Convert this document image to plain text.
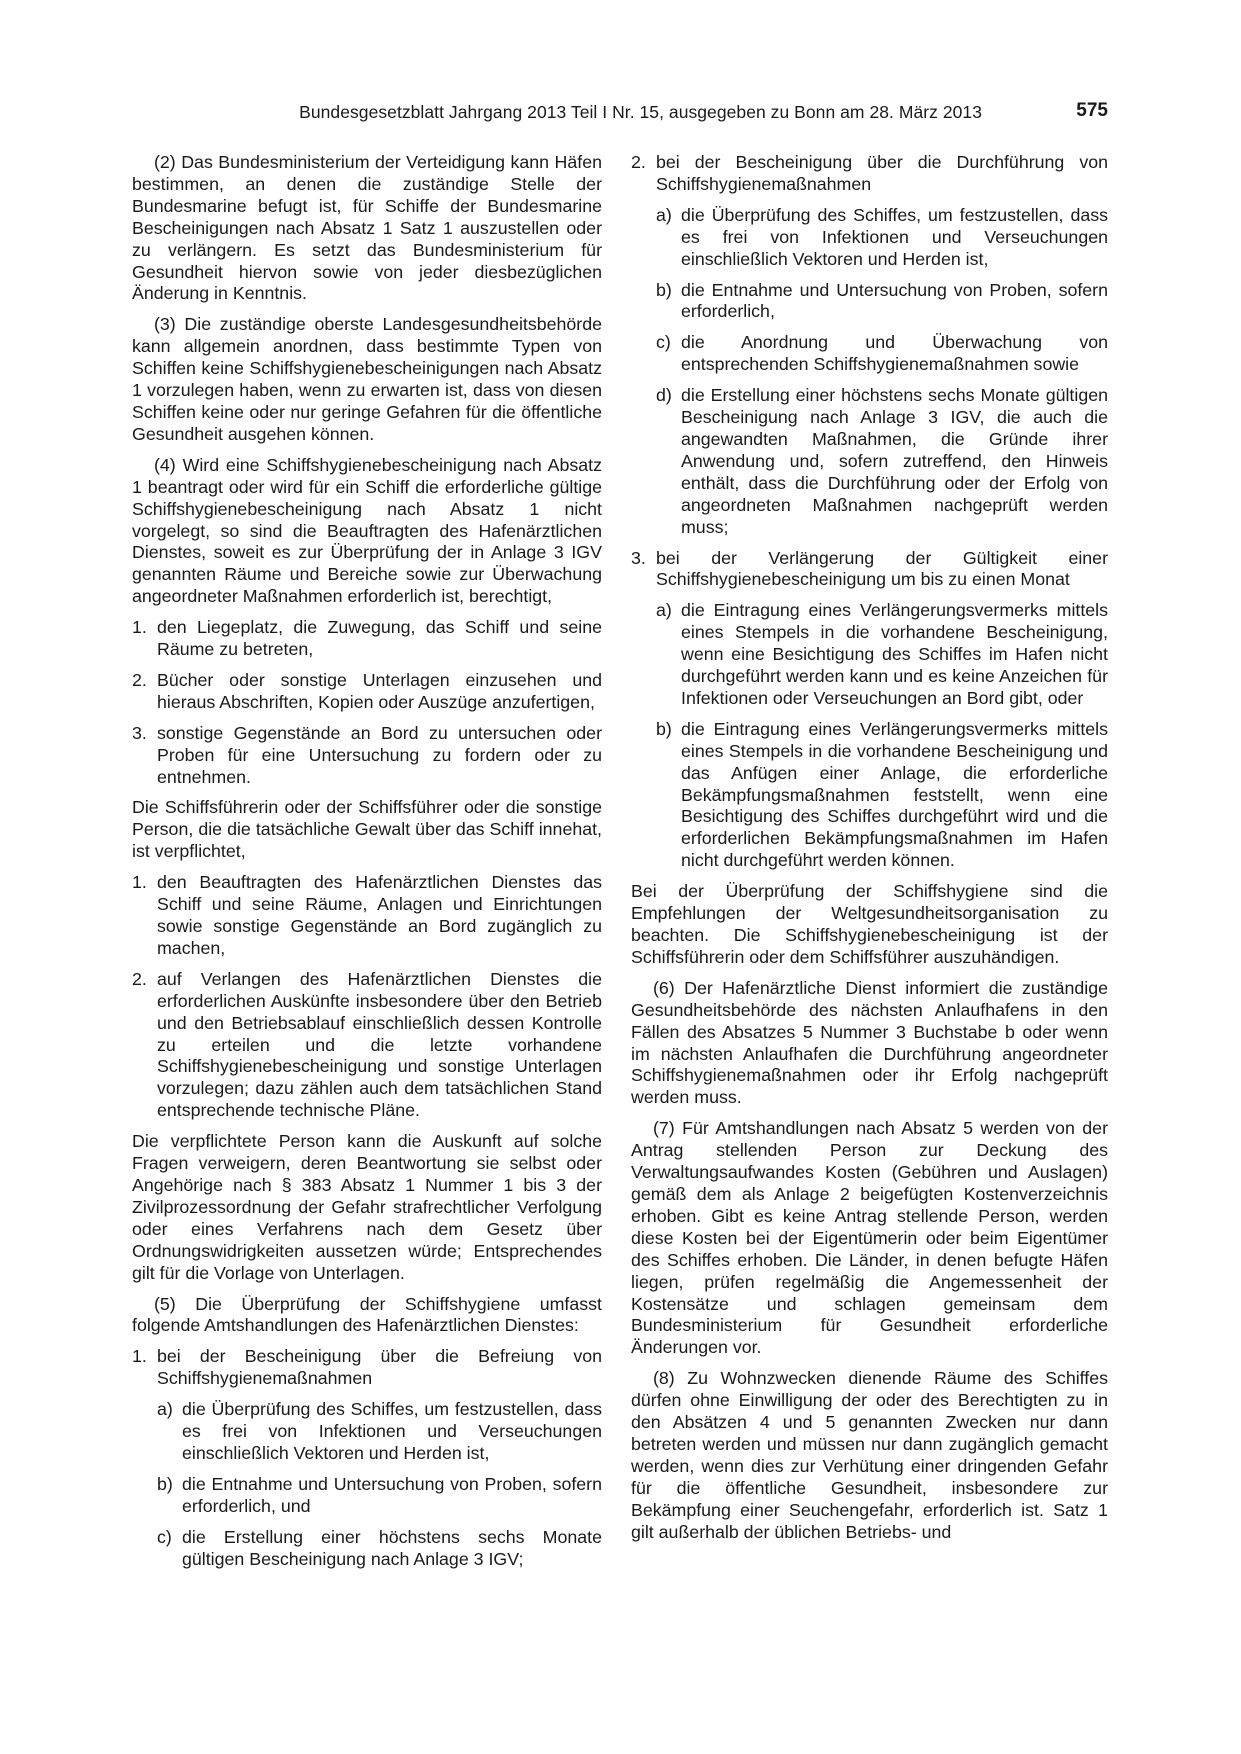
Bundesgesetzblatt Jahrgang 2013 Teil I Nr. 15, ausgegeben zu Bonn am 28. März 2013	575

(2) Das Bundesministerium der Verteidigung kann Häfen bestimmen, an denen die zuständige Stelle der Bundesmarine befugt ist, für Schiffe der Bundesmarine Bescheinigungen nach Absatz 1 Satz 1 auszustellen oder zu verlängern. Es setzt das Bundesministerium für Gesundheit hiervon sowie von jeder diesbezüglichen Änderung in Kenntnis.

(3) Die zuständige oberste Landesgesundheitsbehörde kann allgemein anordnen, dass bestimmte Typen von Schiffen keine Schiffshygienebescheinigungen nach Absatz 1 vorzulegen haben, wenn zu erwarten ist, dass von diesen Schiffen keine oder nur geringe Gefahren für die öffentliche Gesundheit ausgehen können.

(4) Wird eine Schiffshygienebescheinigung nach Absatz 1 beantragt oder wird für ein Schiff die erforderliche gültige Schiffshygienebescheinigung nach Absatz 1 nicht vorgelegt, so sind die Beauftragten des Hafenärztlichen Dienstes, soweit es zur Überprüfung der in Anlage 3 IGV genannten Räume und Bereiche sowie zur Überwachung angeordneter Maßnahmen erforderlich ist, berechtigt,

1. den Liegeplatz, die Zuwegung, das Schiff und seine Räume zu betreten,
2. Bücher oder sonstige Unterlagen einzusehen und hieraus Abschriften, Kopien oder Auszüge anzufertigen,
3. sonstige Gegenstände an Bord zu untersuchen oder Proben für eine Untersuchung zu fordern oder zu entnehmen.

Die Schiffsführerin oder der Schiffsführer oder die sonstige Person, die die tatsächliche Gewalt über das Schiff innehat, ist verpflichtet,

1. den Beauftragten des Hafenärztlichen Dienstes das Schiff und seine Räume, Anlagen und Einrichtungen sowie sonstige Gegenstände an Bord zugänglich zu machen,
2. auf Verlangen des Hafenärztlichen Dienstes die erforderlichen Auskünfte insbesondere über den Betrieb und den Betriebsablauf einschließlich dessen Kontrolle zu erteilen und die letzte vorhandene Schiffshygienebescheinigung und sonstige Unterlagen vorzulegen; dazu zählen auch dem tatsächlichen Stand entsprechende technische Pläne.

Die verpflichtete Person kann die Auskunft auf solche Fragen verweigern, deren Beantwortung sie selbst oder Angehörige nach § 383 Absatz 1 Nummer 1 bis 3 der Zivilprozessordnung der Gefahr strafrechtlicher Verfolgung oder eines Verfahrens nach dem Gesetz über Ordnungswidrigkeiten aussetzen würde; Entsprechendes gilt für die Vorlage von Unterlagen.

(5) Die Überprüfung der Schiffshygiene umfasst folgende Amtshandlungen des Hafenärztlichen Dienstes:

1. bei der Bescheinigung über die Befreiung von Schiffshygienemaßnahmen
a) die Überprüfung des Schiffes, um festzustellen, dass es frei von Infektionen und Verseuchungen einschließlich Vektoren und Herden ist,
b) die Entnahme und Untersuchung von Proben, sofern erforderlich, und
c) die Erstellung einer höchstens sechs Monate gültigen Bescheinigung nach Anlage 3 IGV;
2. bei der Bescheinigung über die Durchführung von Schiffshygienemaßnahmen
a) die Überprüfung des Schiffes, um festzustellen, dass es frei von Infektionen und Verseuchungen einschließlich Vektoren und Herden ist,
b) die Entnahme und Untersuchung von Proben, sofern erforderlich,
c) die Anordnung und Überwachung von entsprechenden Schiffshygienemaßnahmen sowie
d) die Erstellung einer höchstens sechs Monate gültigen Bescheinigung nach Anlage 3 IGV, die auch die angewandten Maßnahmen, die Gründe ihrer Anwendung und, sofern zutreffend, den Hinweis enthält, dass die Durchführung oder der Erfolg von angeordneten Maßnahmen nachgeprüft werden muss;
3. bei der Verlängerung der Gültigkeit einer Schiffshygienebescheinigung um bis zu einen Monat
a) die Eintragung eines Verlängerungsvermerks mittels eines Stempels in die vorhandene Bescheinigung, wenn eine Besichtigung des Schiffes im Hafen nicht durchgeführt werden kann und es keine Anzeichen für Infektionen oder Verseuchungen an Bord gibt, oder
b) die Eintragung eines Verlängerungsvermerks mittels eines Stempels in die vorhandene Bescheinigung und das Anfügen einer Anlage, die erforderliche Bekämpfungsmaßnahmen feststellt, wenn eine Besichtigung des Schiffes durchgeführt wird und die erforderlichen Bekämpfungsmaßnahmen im Hafen nicht durchgeführt werden können.

Bei der Überprüfung der Schiffshygiene sind die Empfehlungen der Weltgesundheitsorganisation zu beachten. Die Schiffshygienebescheinigung ist der Schiffsführerin oder dem Schiffsführer auszuhändigen.

(6) Der Hafenärztliche Dienst informiert die zuständige Gesundheitsbehörde des nächsten Anlaufhafens in den Fällen des Absatzes 5 Nummer 3 Buchstabe b oder wenn im nächsten Anlaufhafen die Durchführung angeordneter Schiffshygienemaßnahmen oder ihr Erfolg nachgeprüft werden muss.

(7) Für Amtshandlungen nach Absatz 5 werden von der Antrag stellenden Person zur Deckung des Verwaltungsaufwandes Kosten (Gebühren und Auslagen) gemäß dem als Anlage 2 beigefügten Kostenverzeichnis erhoben. Gibt es keine Antrag stellende Person, werden diese Kosten bei der Eigentümerin oder beim Eigentümer des Schiffes erhoben. Die Länder, in denen befugte Häfen liegen, prüfen regelmäßig die Angemessenheit der Kostensätze und schlagen gemeinsam dem Bundesministerium für Gesundheit erforderliche Änderungen vor.

(8) Zu Wohnzwecken dienende Räume des Schiffes dürfen ohne Einwilligung der oder des Berechtigten zu in den Absätzen 4 und 5 genannten Zwecken nur dann betreten werden und müssen nur dann zugänglich gemacht werden, wenn dies zur Verhütung einer dringenden Gefahr für die öffentliche Gesundheit, insbesondere zur Bekämpfung einer Seuchengefahr, erforderlich ist. Satz 1 gilt außerhalb der üblichen Betriebs- und
